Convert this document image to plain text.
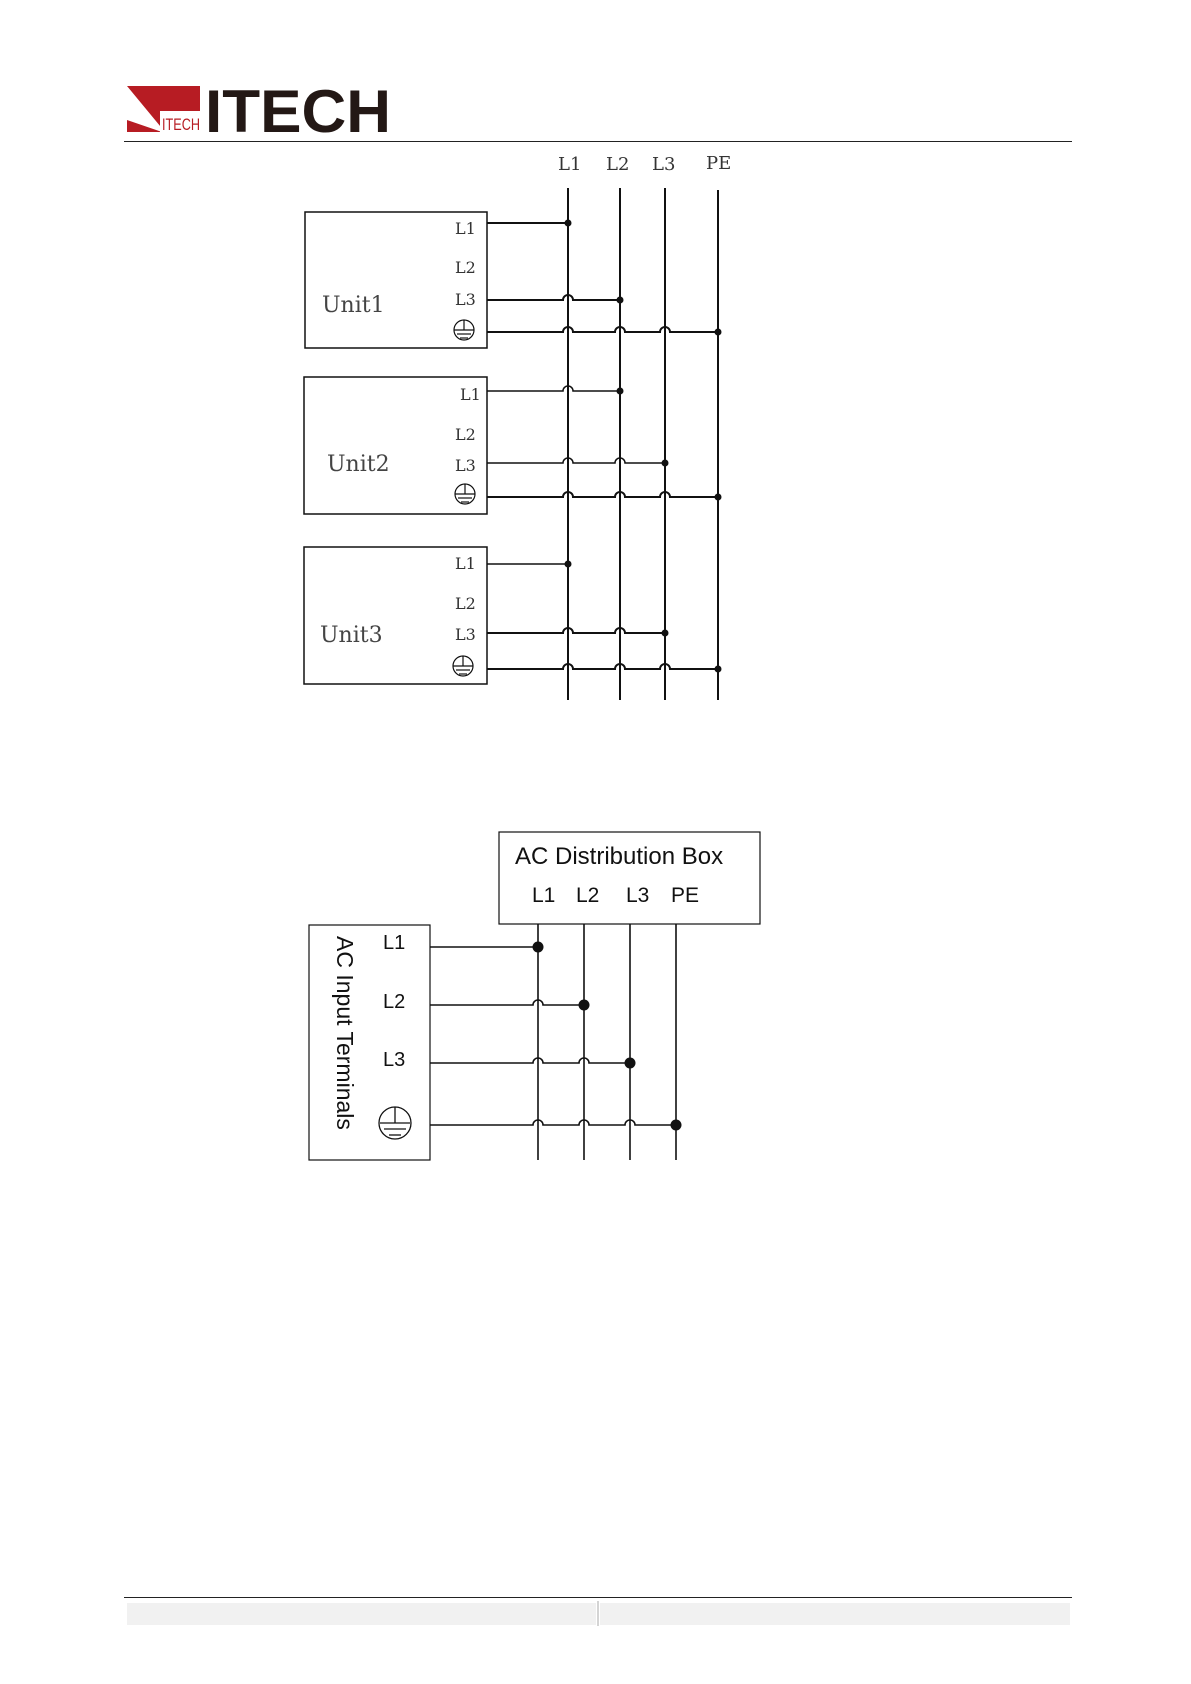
ITECH ITECH
L1 L2 L3 PE
Unit1
Unit2
Unit3
L1
L2
L3
L1
L2
L3
L1
L2
L3
AC Distribution Box
L1 L2 L3 PE
AC Input Terminals L1
L2
L3
